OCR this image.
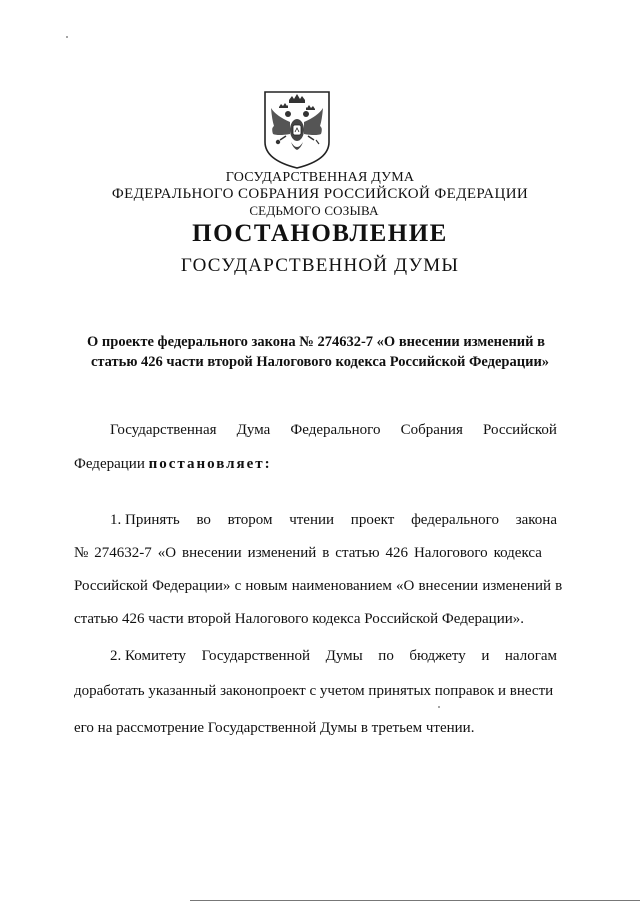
ГОСУДАРСТВЕННАЯ ДУМА
ФЕДЕРАЛЬНОГО СОБРАНИЯ РОССИЙСКОЙ ФЕДЕРАЦИИ
СЕДЬМОГО СОЗЫВА
ПОСТАНОВЛЕНИЕ
ГОСУДАРСТВЕННОЙ ДУМЫ
О проекте федерального закона № 274632-7 «О внесении изменений в
статью 426 части второй Налогового кодекса Российской Федерации»
Государственная Дума Федерального Собрания Российской
Федерации постановляет:
1. Принять во втором чтении проект федерального закона
№ 274632-7 «О внесении изменений в статью 426 Налогового кодекса
Российской Федерации» с новым наименованием «О внесении изменений в
статью 426 части второй Налогового кодекса Российской Федерации».
2. Комитету Государственной Думы по бюджету и налогам
доработать указанный законопроект с учетом принятых поправок и внести
его на рассмотрение Государственной Думы в третьем чтении.
